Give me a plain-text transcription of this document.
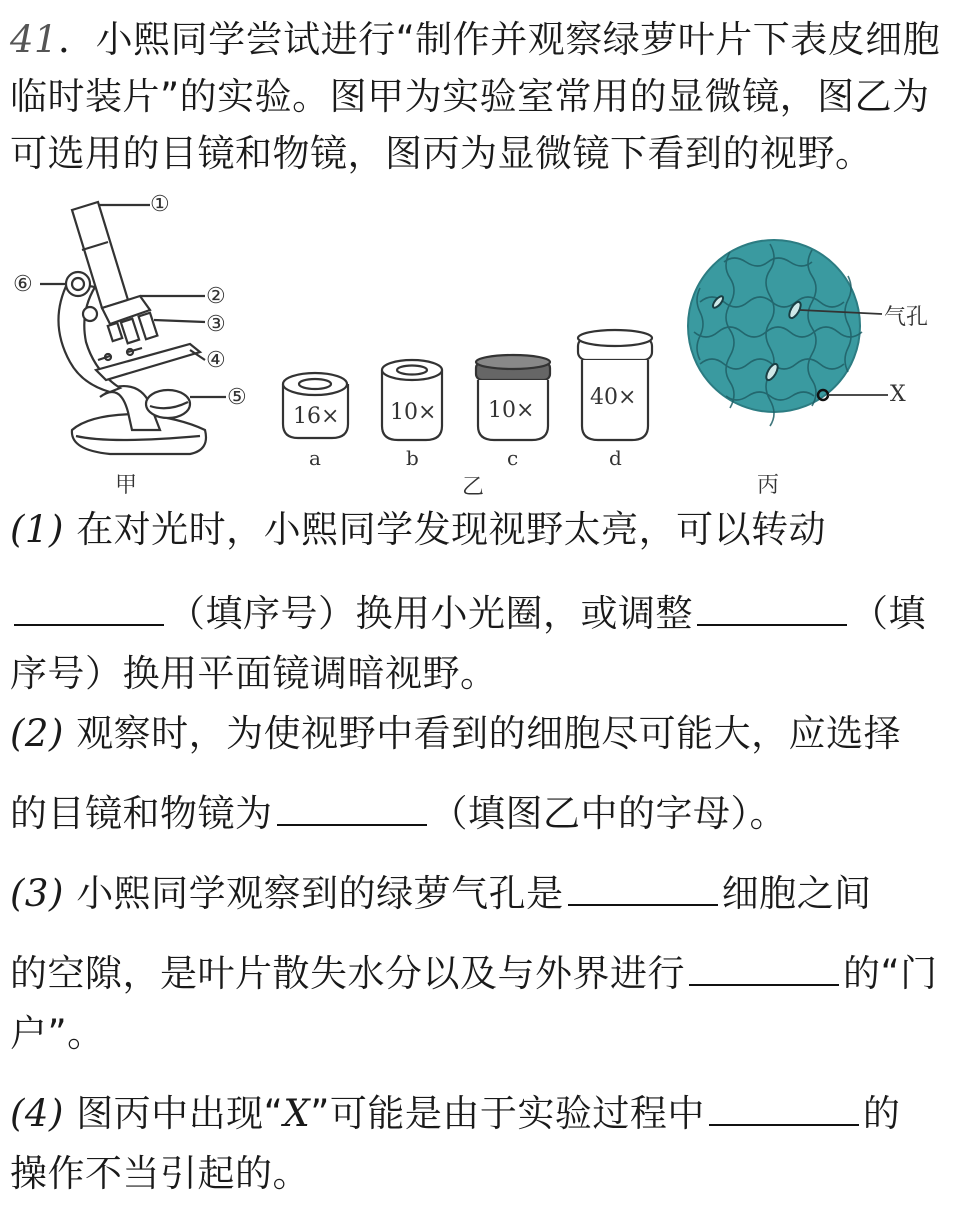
41．小熙同学尝试进行“制作并观察绿萝叶片下表皮细胞
临时装片”的实验。图甲为实验室常用的显微镜，图乙为
可选用的目镜和物镜，图丙为显微镜下看到的视野。
①
②
③
④
⑤
⑥
甲
16× 10× 10×
40×
a	b	c	d
乙
气孔
X
丙
(1) 在对光时，小熙同学发现视野太亮，可以转动
（填序号）换用小光圈，或调整	（填
序号）换用平面镜调暗视野。
(2) 观察时，为使视野中看到的细胞尽可能大，应选择
的目镜和物镜为	（填图乙中的字母）。
(3) 小熙同学观察到的绿萝气孔是	细胞之间
的空隙，是叶片散失水分以及与外界进行	的“门
户”。
(4) 图丙中出现“X”可能是由于实验过程中	的
操作不当引起的。
